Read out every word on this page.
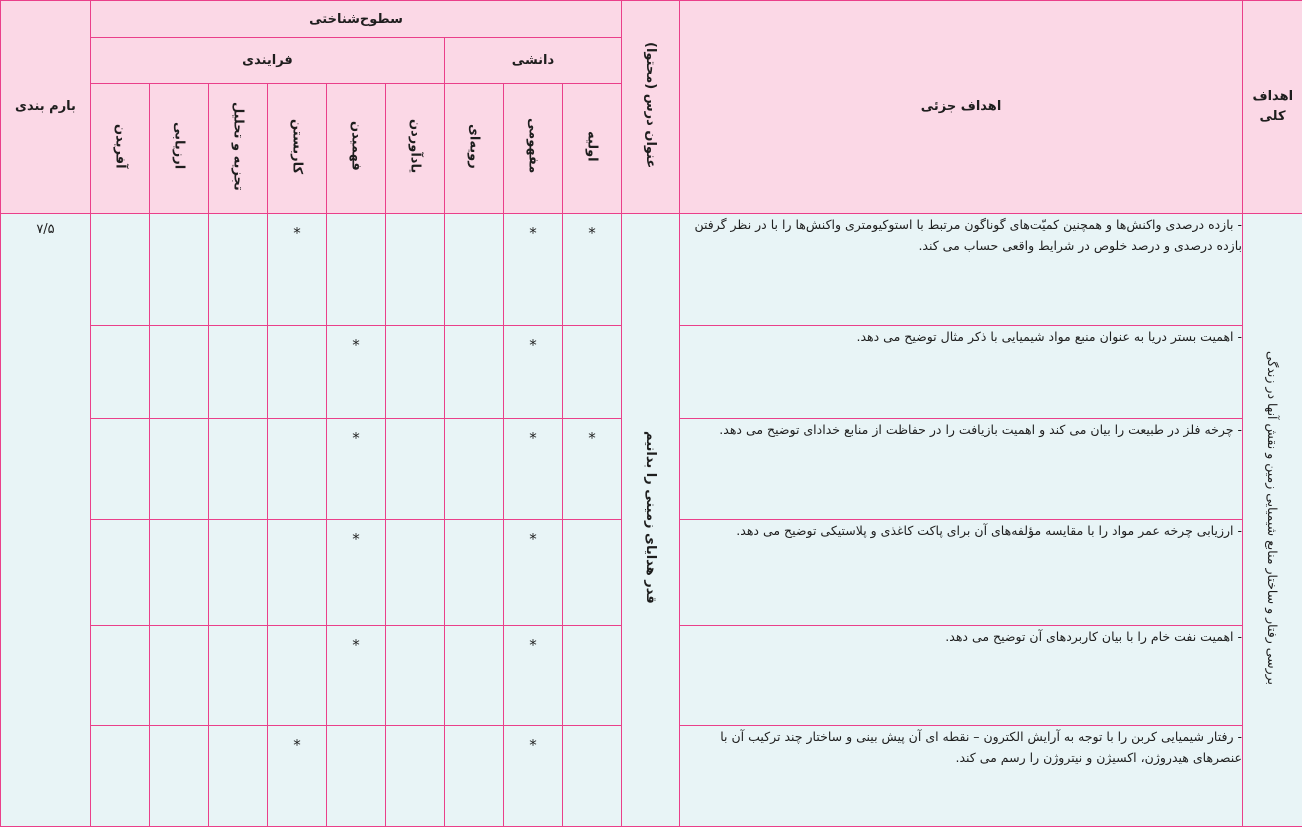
بارم بندی	سطوح‌شناختی									عنوان درس (محتوا)	اهداف جزئی	اهداف کلی
	فرایندی						دانشی					
	آفریدن	ارزیابی	تجزیه و تحلیل	کاربستن	فهمیدن	یادآوردن	رویه‌ای	مفهومی	اولیه			
۷/۵				*				*	*	قدر هدایای زمینی را بدانیم	- بازده درصدی واکنش‌ها و همچنین کمیّت‌های گوناگون مرتبط با استوکیومتری واکنش‌ها را با در نظر گرفتن بازده درصدی و درصد خلوص در شرایط واقعی حساب می کند.	بررسی رفتار و ساختار منابع شیمیایی زمین و نقش آنها در زندگی
					*			*			- اهمیت بستر دریا به عنوان منبع مواد شیمیایی با ذکر مثال توضیح می دهد.	
					*			*	*		- چرخه فلز در طبیعت را بیان می کند و اهمیت بازیافت را در حفاظت از منابع خدادای توضیح می دهد.	
					*			*			- ارزیابی چرخه عمر مواد را با مقایسه مؤلفه‌های آن برای پاکت کاغذی و پلاستیکی توضیح می دهد.	
					*			*			- اهمیت نفت خام را با بیان کاربردهای آن توضیح می دهد.	
				*				*			- رفتار شیمیایی کربن را با توجه به آرایش الکترون – نقطه ای آن پیش بینی و ساختار چند ترکیب آن با عنصرهای هیدروژن، اکسیژن و نیتروژن را رسم می کند.	
